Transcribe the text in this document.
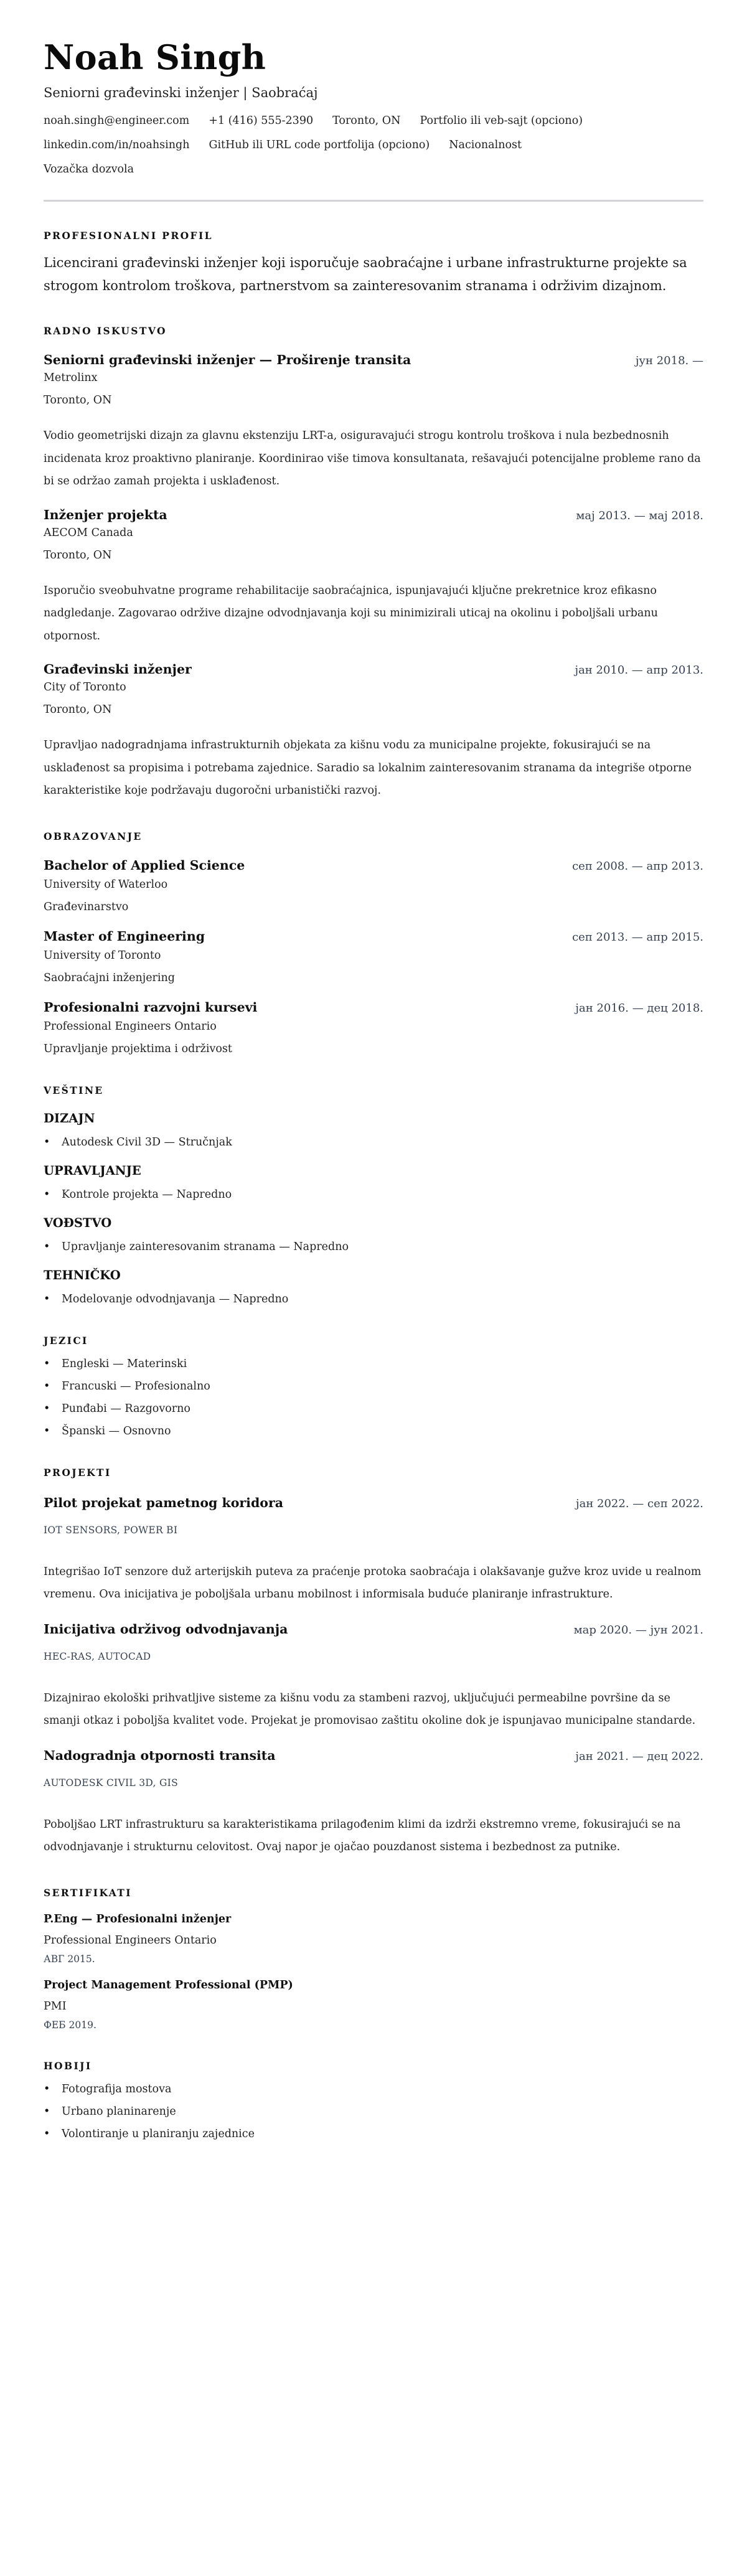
Noah Singh
Seniorni građevinski inženjer | Saobraćaj
noah.singh@engineer.com +1 (416) 555-2390 Toronto, ON Portfolio ili veb-sajt (opciono)
linkedin.com/in/noahsingh GitHub ili URL code portfolija (opciono) Nacionalnost
Vozačka dozvola
PROFESIONALNI PROFIL

Licencirani građevinski inženjer koji isporučuje saobraćajne i urbane infrastrukturne projekte sa strogom kontrolom troškova, partnerstvom sa zainteresovanim stranama i održivim dizajnom.

RADNO ISKUSTVO
Seniorni građevinski inženjer — Proširenje transita	јун 2018. —
Metrolinx
Toronto, ON

Vodio geometrijski dizajn za glavnu ekstenziju LRT-a, osiguravajući strogu kontrolu troškova i nula bezbednosnih incidenata kroz proaktivno planiranje. Koordinirao više timova konsultanata, rešavajući potencijalne probleme rano da bi se održao zamah projekta i usklađenost.

Inženjer projekta	мај 2013. — мај 2018.
AECOM Canada
Toronto, ON

Isporučio sveobuhvatne programe rehabilitacije saobraćajnica, ispunjavajući ključne prekretnice kroz efikasno nadgledanje. Zagovarao održive dizajne odvodnjavanja koji su minimizirali uticaj na okolinu i poboljšali urbanu otpornost.

Građevinski inženjer	јан 2010. — апр 2013.
City of Toronto
Toronto, ON

Upravljao nadogradnjama infrastrukturnih objekata za kišnu vodu za municipalne projekte, fokusirajući se na usklađenost sa propisima i potrebama zajednice. Saradio sa lokalnim zainteresovanim stranama da integriše otporne karakteristike koje podržavaju dugoročni urbanistički razvoj.

OBRAZOVANJE
Bachelor of Applied Science	сеп 2008. — апр 2013.
University of Waterloo
Građevinarstvo
Master of Engineering	сеп 2013. — апр 2015.
University of Toronto
Saobraćajni inženjering
Profesionalni razvojni kursevi	јан 2016. — дец 2018.
Professional Engineers Ontario
Upravljanje projektima i održivost
VEŠTINE
DIZAJN
• Autodesk Civil 3D — Stručnjak
UPRAVLJANJE
• Kontrole projekta — Napredno
VOĐSTVO
• Upravljanje zainteresovanim stranama — Napredno
TEHNIČKO
• Modelovanje odvodnjavanja — Napredno
JEZICI
• Engleski — Materinski
• Francuski — Profesionalno
• Punđabi — Razgovorno
• Španski — Osnovno
PROJEKTI
Pilot projekat pametnog koridora	јан 2022. — сеп 2022.
IOT SENSORS, POWER BI

Integrišao IoT senzore duž arterijskih puteva za praćenje protoka saobraćaja i olakšavanje gužve kroz uvide u realnom vremenu. Ova inicijativa je poboljšala urbanu mobilnost i informisala buduće planiranje infrastrukture.

Inicijativa održivog odvodnjavanja	мар 2020. — јун 2021.
HEC-RAS, AUTOCAD

Dizajnirao ekološki prihvatljive sisteme za kišnu vodu za stambeni razvoj, uključujući permeabilne površine da se smanji otkaz i poboljša kvalitet vode. Projekat je promovisao zaštitu okoline dok je ispunjavao municipalne standarde.

Nadogradnja otpornosti transita	јан 2021. — дец 2022.
AUTODESK CIVIL 3D, GIS

Poboljšao LRT infrastrukturu sa karakteristikama prilagođenim klimi da izdrži ekstremno vreme, fokusirajući se na odvodnjavanje i strukturnu celovitost. Ovaj napor je ojačao pouzdanost sistema i bezbednost za putnike.

SERTIFIKATI
P.Eng — Profesionalni inženjer
Professional Engineers Ontario
АВГ 2015.
Project Management Professional (PMP)
PMI
ФЕБ 2019.
HOBIJI
• Fotografija mostova
• Urbano planinarenje
• Volontiranje u planiranju zajednice
